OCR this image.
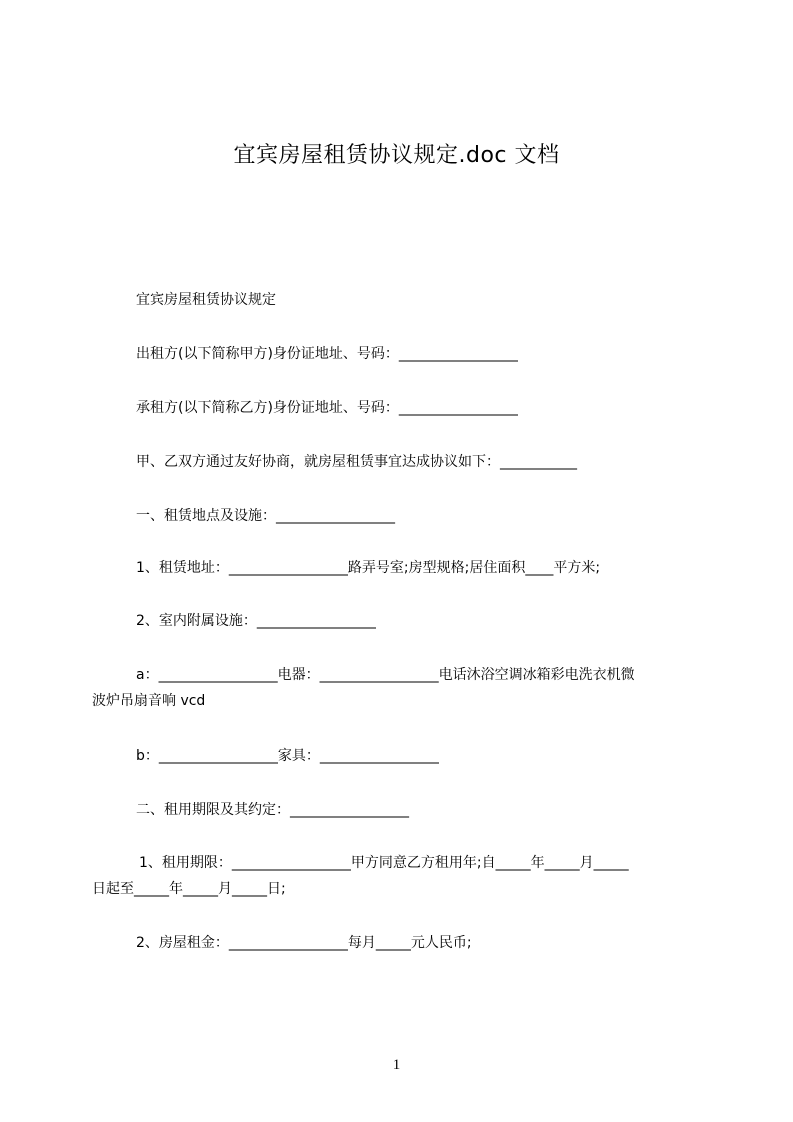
宜宾房屋租赁协议规定.doc 文档
宜宾房屋租赁协议规定
出租方(以下简称甲方)身份证地址、号码：_________________
承租方(以下简称乙方)身份证地址、号码：_________________
甲、乙双方通过友好协商，就房屋租赁事宜达成协议如下：___________
一、租赁地点及设施：_________________
1、租赁地址：_________________路弄号室;房型规格;居住面积____平方米;
2、室内附属设施：_________________
a：_________________电器：_________________电话沐浴空调冰箱彩电洗衣机微
波炉吊扇音响 vcd
b：_________________家具：_________________
二、租用期限及其约定：_________________
1、租用期限：_________________甲方同意乙方租用年;自_____年_____月_____
日起至_____年_____月_____日;
2、房屋租金：_________________每月_____元人民币;
1
